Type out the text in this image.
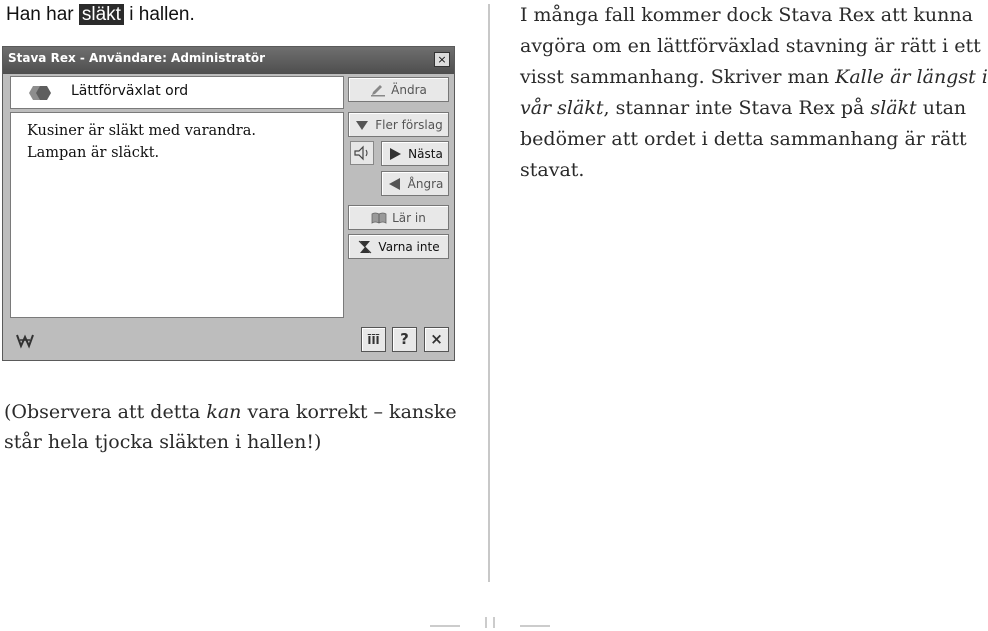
Han har släkt i hallen.
Stava Rex - Användare: Administratör	×
Lättförväxlat ord
Kusiner är släkt med varandra.
Lampan är släckt.
Ändra
Fler förslag
Nästa
Ångra
Lär in
Varna inte
ĪĪĪ	?	×
I många fall kommer dock Stava Rex att kunna
avgöra om en lättförväxlad stavning är rätt i ett
visst sammanhang. Skriver man Kalle är längst i
vår släkt, stannar inte Stava Rex på släkt utan
bedömer att ordet i detta sammanhang är rätt
stavat.
(Observera att detta kan vara korrekt – kanske
står hela tjocka släkten i hallen!)
